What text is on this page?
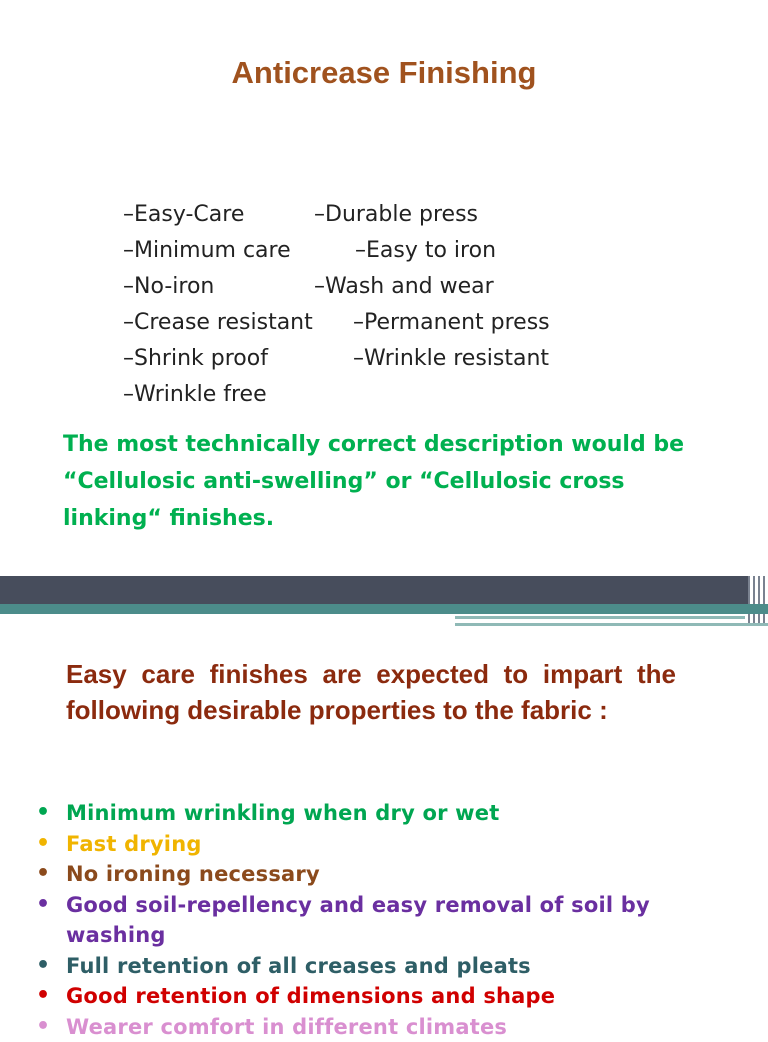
Anticrease Finishing
–Easy-Care	–Durable press
–Minimum care	–Easy to iron
–No-iron	–Wash and wear
–Crease resistant –Permanent press
–Shrink proof	–Wrinkle resistant
–Wrinkle free
The most technically correct description would be “Cellulosic anti-swelling” or “Cellulosic cross linking“ finishes.
Easy care finishes are expected to impart the following desirable properties to the fabric :
• Minimum wrinkling when dry or wet
• Fast drying
• No ironing necessary
• Good soil-repellency and easy removal of soil by washing
• Full retention of all creases and pleats
• Good retention of dimensions and shape
• Wearer comfort in different climates
